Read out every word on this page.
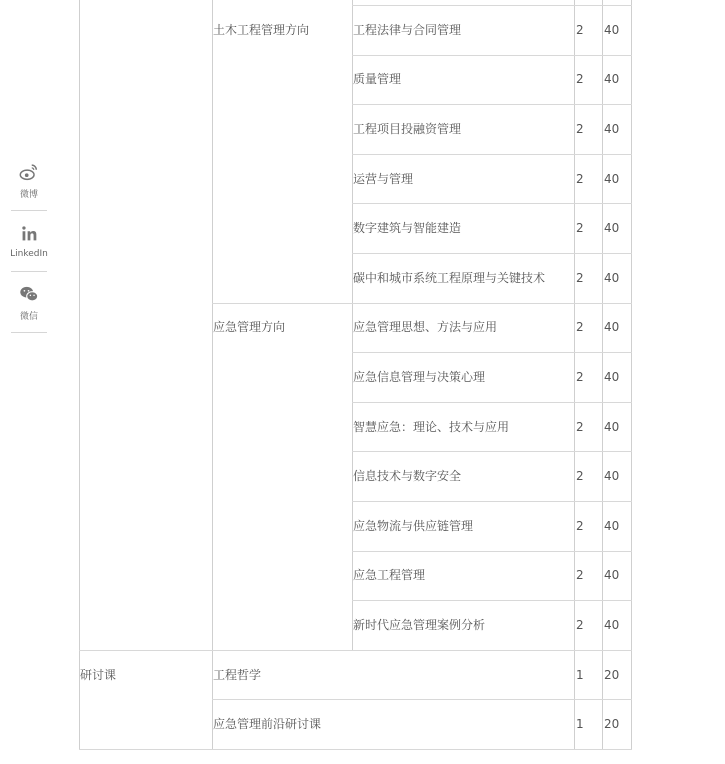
微博
LinkedIn
微信
土木工程管理方向	工程法律与合同管理	2 40
质量管理	2 40
工程项目投融资管理	2 40
运营与管理	2 40
数字建筑与智能建造	2 40
碳中和城市系统工程原理与关键技术	2 40
应急管理方向	应急管理思想、方法与应用	2 40
应急信息管理与决策心理	2 40
智慧应急：理论、技术与应用	2 40
信息技术与数字安全	2 40
应急物流与供应链管理	2 40
应急工程管理	2 40
新时代应急管理案例分析	2 40
研讨课	工程哲学	1 20
应急管理前沿研讨课	1 20
